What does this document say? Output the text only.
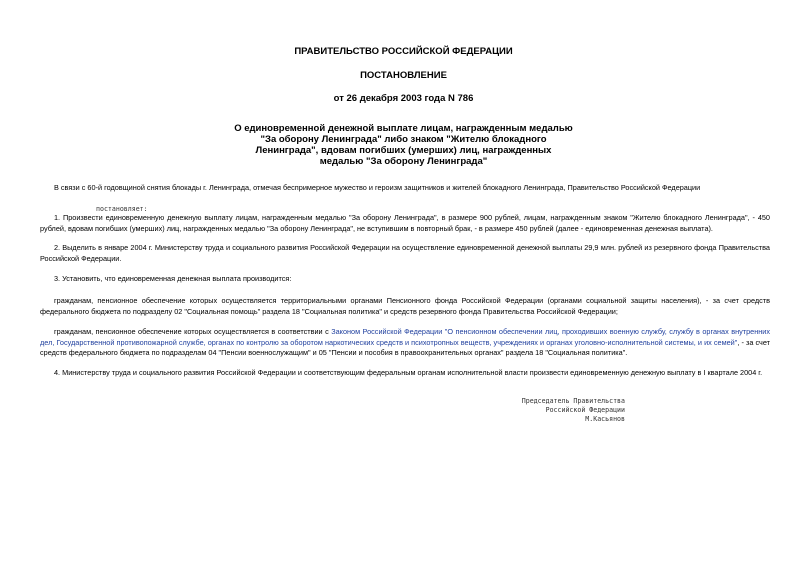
ПРАВИТЕЛЬСТВО РОССИЙСКОЙ ФЕДЕРАЦИИ
ПОСТАНОВЛЕНИЕ
от 26 декабря 2003 года N 786
О единовременной денежной выплате лицам, награжденным медалью
"За оборону Ленинграда" либо знаком "Жителю блокадного
Ленинграда", вдовам погибших (умерших) лиц, награжденных
медалью "За оборону Ленинграда"
В связи с 60-й годовщиной снятия блокады г. Ленинграда, отмечая беспримерное мужество и героизм защитников и жителей блокадного Ленинграда, Правительство Российской Федерации
постановляет:
1. Произвести единовременную денежную выплату лицам, награжденным медалью "За оборону Ленинграда", в размере 900 рублей, лицам, награжденным знаком "Жителю блокадного Ленинграда", - 450 рублей, вдовам погибших (умерших) лиц, награжденных медалью "За оборону Ленинграда", не вступившим в повторный брак, - в размере 450 рублей (далее - единовременная денежная выплата).
2. Выделить в январе 2004 г. Министерству труда и социального развития Российской Федерации на осуществление единовременной денежной выплаты 29,9 млн. рублей из резервного фонда Правительства Российской Федерации.
3. Установить, что единовременная денежная выплата производится:
гражданам, пенсионное обеспечение которых осуществляется территориальными органами Пенсионного фонда Российской Федерации (органами социальной защиты населения), - за счет средств федерального бюджета по подразделу 02 "Социальная помощь" раздела 18 "Социальная политика" и средств резервного фонда Правительства Российской Федерации;
гражданам, пенсионное обеспечение которых осуществляется в соответствии с Законом Российской Федерации "О пенсионном обеспечении лиц, проходивших военную службу, службу в органах внутренних дел, Государственной противопожарной службе, органах по контролю за оборотом наркотических средств и психотропных веществ, учреждениях и органах уголовно-исполнительной системы, и их семей", - за счет средств федерального бюджета по подразделам 04 "Пенсии военнослужащим" и 05 "Пенсии и пособия в правоохранительных органах" раздела 18 "Социальная политика".
4. Министерству труда и социального развития Российской Федерации и соответствующим федеральным органам исполнительной власти произвести единовременную денежную выплату в I квартале 2004 г.
Председатель Правительства
Российской Федерации
М.Касьянов
